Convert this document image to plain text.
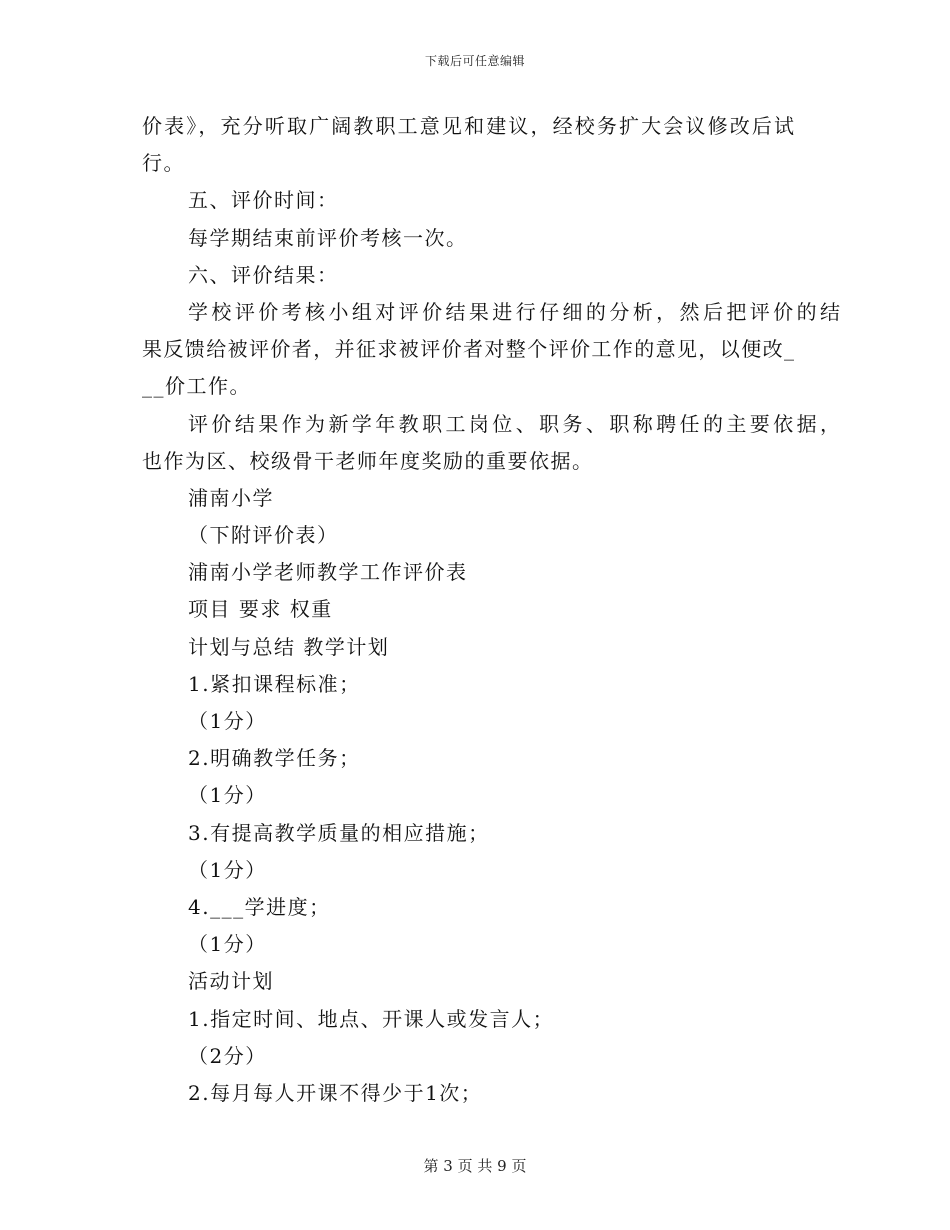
下载后可任意编辑
价表》，充分听取广阔教职工意见和建议，经校务扩大会议修改后试
行。
五、评价时间：
每学期结束前评价考核一次。
六、评价结果：
学校评价考核小组对评价结果进行仔细的分析，然后把评价的结
果反馈给被评价者，并征求被评价者对整个评价工作的意见，以便改_
__价工作。
评价结果作为新学年教职工岗位、职务、职称聘任的主要依据，
也作为区、校级骨干老师年度奖励的重要依据。
浦南小学
（下附评价表）
浦南小学老师教学工作评价表
项目 要求 权重
计划与总结 教学计划
1.紧扣课程标准；
（1分）
2.明确教学任务；
（1分）
3.有提高教学质量的相应措施；
（1分）
4.___学进度；
（1分）
活动计划
1.指定时间、地点、开课人或发言人；
（2分）
2.每月每人开课不得少于1次；
第 3 页 共 9 页
